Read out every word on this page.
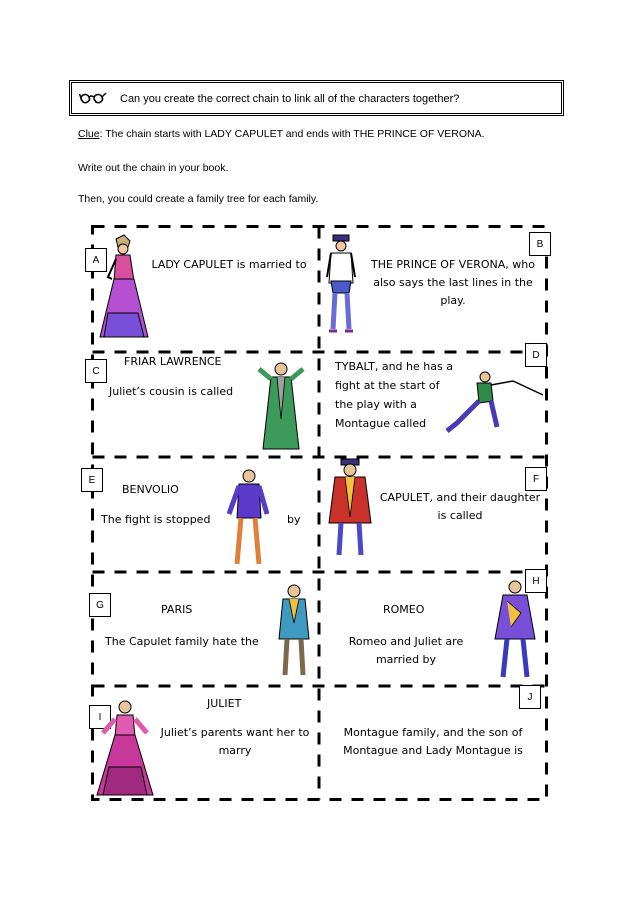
Can you create the correct chain to link all of the characters together?
Clue: The chain starts with LADY CAPULET and ends with THE PRINCE OF VERONA.
Write out the chain in your book.
Then, you could create a family tree for each family.
A	LADY CAPULET is married to
B
THE PRINCE OF VERONA, who also says the last lines in the play.
C
FRIAR LAWRENCE
Juliet’s cousin is called
D
TYBALT, and he has a fight at the start of the play with a Montague called
E
BENVOLIO
The fight is stopped	by
F
CAPULET, and their daughter is called
G	PARIS
The Capulet family hate the
H
ROMEO
Romeo and Juliet are married by
I
JULIET
Juliet’s parents want her to marry
J
Montague family, and the son of Montague and Lady Montague is
